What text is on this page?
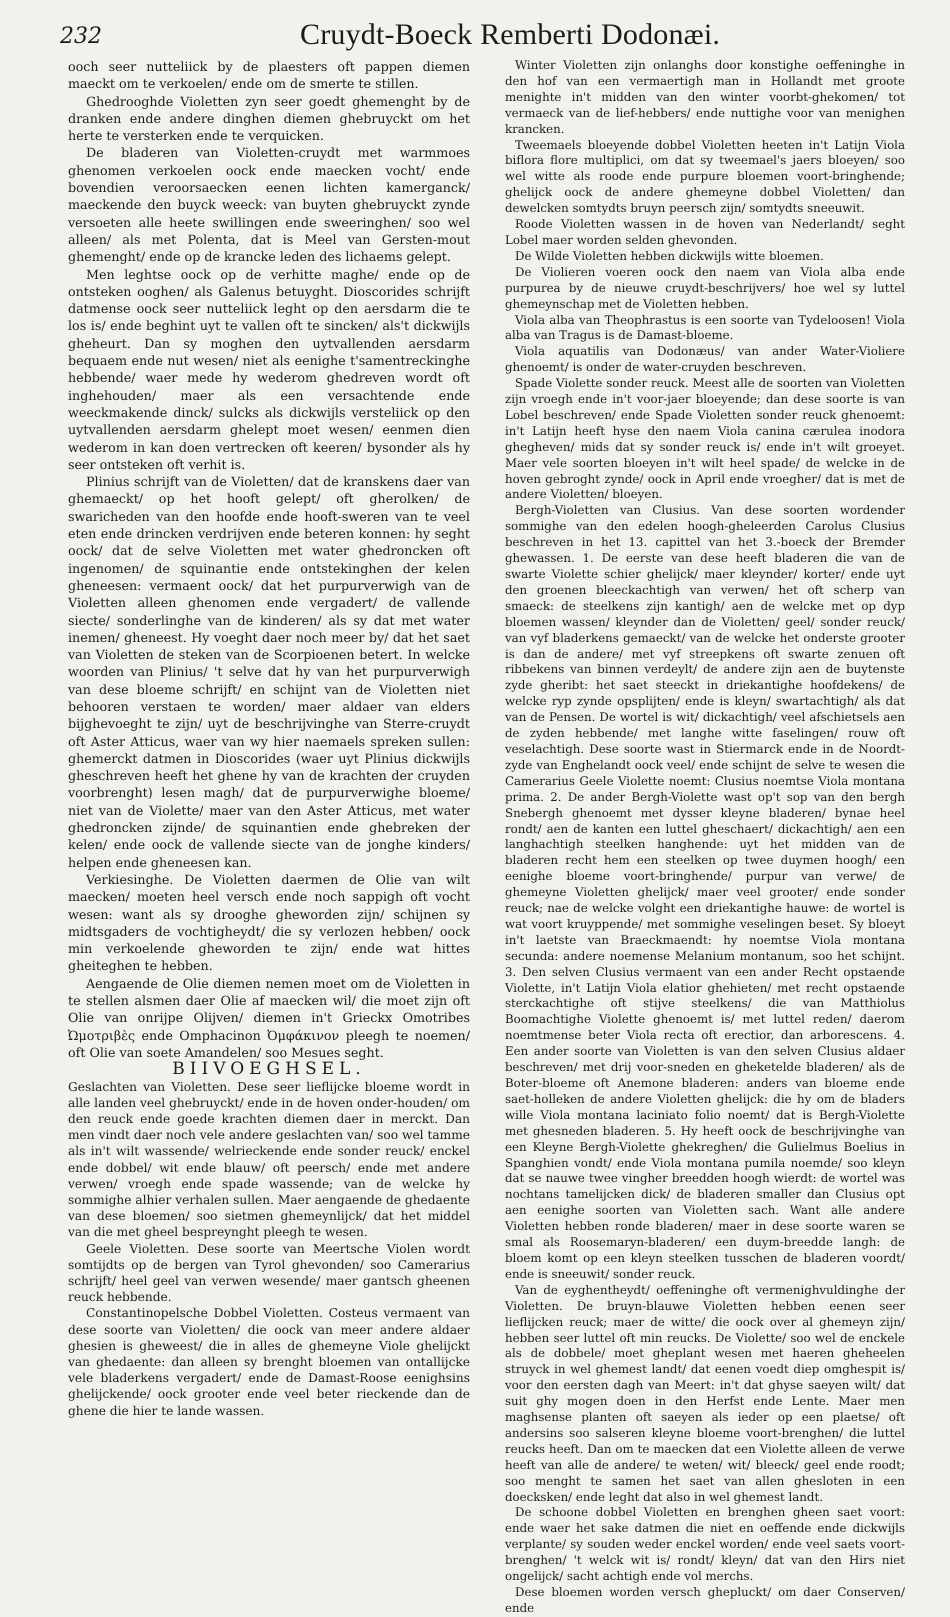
232	Cruydt-Boeck Remberti Dodonæi.

ooch seer nutteliick by de plaesters oft pappen diemen maeckt om te verkoelen/ ende om de smerte te stillen.

Ghedrooghde Violetten zyn seer goedt ghemenght by de dranken ende andere dinghen diemen ghebruyckt om het herte te versterken ende te verquicken.

De bladeren van Violetten-cruydt met warmmoes ghenomen verkoelen oock ende maecken vocht/ ende bovendien veroorsaecken eenen lichten kamerganck/ maeckende den buyck weeck: van buyten ghebruyckt zynde versoeten alle heete swillingen ende sweeringhen/ soo wel alleen/ als met Polenta, dat is Meel van Gersten-mout ghemenght/ ende op de krancke leden des lichaems gelept.

Men leghtse oock op de verhitte maghe/ ende op de ontsteken ooghen/ als Galenus betuyght. Dioscorides schrijft datmense oock seer nutteliick leght op den aersdarm die te los is/ ende beghint uyt te vallen oft te sincken/ als't dickwijls gheheurt. Dan sy moghen den uytvallenden aersdarm bequaem ende nut wesen/ niet als eenighe t'samentreckinghe hebbende/ waer mede hy wederom ghedreven wordt oft inghehouden/ maer als een versachtende ende weeckmakende dinck/ sulcks als dickwijls versteliick op den uytvallenden aersdarm ghelept moet wesen/ eenmen dien wederom in kan doen vertrecken oft keeren/ bysonder als hy seer ontsteken oft verhit is.

Plinius schrijft van de Violetten/ dat de kranskens daer van ghemaeckt/ op het hooft gelept/ oft gherolken/ de swaricheden van den hoofde ende hooft-sweren van te veel eten ende drincken verdrijven ende beteren konnen: hy seght oock/ dat de selve Violetten met water ghedroncken oft ingenomen/ de squinantie ende ontstekinghen der kelen gheneesen: vermaent oock/ dat het purpurverwigh van de Violetten alleen ghenomen ende vergadert/ de vallende siecte/ sonderlinghe van de kinderen/ als sy dat met water inemen/ gheneest. Hy voeght daer noch meer by/ dat het saet van Violetten de steken van de Scorpioenen betert. In welcke woorden van Plinius/ 't selve dat hy van het purpurverwigh van dese bloeme schrijft/ en schijnt van de Violetten niet behooren verstaen te worden/ maer aldaer van elders bijghevoeght te zijn/ uyt de beschrijvinghe van Sterre-cruydt oft Aster Atticus, waer van wy hier naemaels spreken sullen: ghemerckt datmen in Dioscorides (waer uyt Plinius dickwijls gheschreven heeft het ghene hy van de krachten der cruyden voorbrenght) lesen magh/ dat de purpurverwighe bloeme/ niet van de Violette/ maer van den Aster Atticus, met water ghedroncken zijnde/ de squinantien ende ghebreken der kelen/ ende oock de vallende siecte van de jonghe kinders/ helpen ende gheneesen kan.

Verkiesinghe. De Violetten daermen de Olie van wilt maecken/ moeten heel versch ende noch sappigh oft vocht wesen: want als sy drooghe gheworden zijn/ schijnen sy midtsgaders de vochtigheydt/ die sy verlozen hebben/ oock min verkoelende gheworden te zijn/ ende wat hittes gheiteghen te hebben.

Aengaende de Olie diemen nemen moet om de Violetten in te stellen alsmen daer Olie af maecken wil/ die moet zijn oft Olie van onrijpe Olijven/ diemen in't Grieckx Omotribes Ὠμοτριβὲς ende Omphacinon Ὀμφάκινον pleegh te noemen/ oft Olie van soete Amandelen/ soo Mesues seght.

BIIVOEGHSEL.

Geslachten van Violetten. Dese seer lieflijcke bloeme wordt in alle landen veel ghebruyckt/ ende in de hoven onder-houden/ om den reuck ende goede krachten diemen daer in merckt. Dan men vindt daer noch vele andere geslachten van/ soo wel tamme als in't wilt wassende/ welrieckende ende sonder reuck/ enckel ende dobbel/ wit ende blauw/ oft peersch/ ende met andere verwen/ vroegh ende spade wassende; van de welcke hy sommighe alhier verhalen sullen. Maer aengaende de ghedaente van dese bloemen/ soo sietmen ghemeynlijck/ dat het middel van die met gheel bespreynght pleegh te wesen.

Geele Violetten. Dese soorte van Meertsche Violen wordt somtijdts op de bergen van Tyrol ghevonden/ soo Camerarius schrijft/ heel geel van verwen wesende/ maer gantsch gheenen reuck hebbende.

Constantinopelsche Dobbel Violetten. Costeus vermaent van dese soorte van Violetten/ die oock van meer andere aldaer ghesien is gheweest/ die in alles de ghemeyne Viole ghelijckt van ghedaente: dan alleen sy brenght bloemen van ontallijcke vele bladerkens vergadert/ ende de Damast-Roose eenighsins ghelijckende/ oock grooter ende veel beter rieckende dan de ghene die hier te lande wassen.

Winter Violetten zijn onlanghs door konstighe oeffeninghe in den hof van een vermaertigh man in Hollandt met groote menighte in't midden van den winter voorbt-ghekomen/ tot vermaeck van de lief-hebbers/ ende nuttighe voor van menighen krancken.

Tweemaels bloeyende dobbel Violetten heeten in't Latijn Viola biflora flore multiplici, om dat sy tweemael's jaers bloeyen/ soo wel witte als roode ende purpure bloemen voort-bringhende; ghelijck oock de andere ghemeyne dobbel Violetten/ dan dewelcken somtydts bruyn peersch zijn/ somtydts sneeuwit.

Roode Violetten wassen in de hoven van Nederlandt/ seght Lobel maer worden selden ghevonden.

De Wilde Violetten hebben dickwijls witte bloemen.

De Violieren voeren oock den naem van Viola alba ende purpurea by de nieuwe cruydt-beschrijvers/ hoe wel sy luttel ghemeynschap met de Violetten hebben.

Viola alba van Theophrastus is een soorte van Tydeloosen! Viola alba van Tragus is de Damast-bloeme.

Viola aquatilis van Dodonæus/ van ander Water-Violiere ghenoemt/ is onder de water-cruyden beschreven.

Spade Violette sonder reuck. Meest alle de soorten van Violetten zijn vroegh ende in't voor-jaer bloeyende; dan dese soorte is van Lobel beschreven/ ende Spade Violetten sonder reuck ghenoemt: in't Latijn heeft hyse den naem Viola canina cærulea inodora ghegheven/ mids dat sy sonder reuck is/ ende in't wilt groeyet. Maer vele soorten bloeyen in't wilt heel spade/ de welcke in de hoven gebroght zynde/ oock in April ende vroegher/ dat is met de andere Violetten/ bloeyen.

Bergh-Violetten van Clusius. Van dese soorten wordender sommighe van den edelen hoogh-gheleerden Carolus Clusius beschreven in het 13. capittel van het 3.-boeck der Bremder ghewassen. 1. De eerste van dese heeft bladeren die van de swarte Violette schier ghelijck/ maer kleynder/ korter/ ende uyt den groenen bleeckachtigh van verwen/ het oft scherp van smaeck: de steelkens zijn kantigh/ aen de welcke met op dyp bloemen wassen/ kleynder dan de Violetten/ geel/ sonder reuck/ van vyf bladerkens gemaeckt/ van de welcke het onderste grooter is dan de andere/ met vyf streepkens oft swarte zenuen oft ribbekens van binnen verdeylt/ de andere zijn aen de buytenste zyde gheribt: het saet steeckt in driekantighe hoofdekens/ de welcke ryp zynde opsplijten/ ende is kleyn/ swartachtigh/ als dat van de Pensen. De wortel is wit/ dickachtigh/ veel afschietsels aen de zyden hebbende/ met langhe witte faselingen/ rouw oft veselachtigh. Dese soorte wast in Stiermarck ende in de Noordt-zyde van Enghelandt oock veel/ ende schijnt de selve te wesen die Camerarius Geele Violette noemt: Clusius noemtse Viola montana prima. 2. De ander Bergh-Violette wast op't sop van den bergh Snebergh ghenoemt met dysser kleyne bladeren/ bynae heel rondt/ aen de kanten een luttel gheschaert/ dickachtigh/ aen een langhachtigh steelken hanghende: uyt het midden van de bladeren recht hem een steelken op twee duymen hoogh/ een eenighe bloeme voort-bringhende/ purpur van verwe/ de ghemeyne Violetten ghelijck/ maer veel grooter/ ende sonder reuck; nae de welcke volght een driekantighe hauwe: de wortel is wat voort kruyppende/ met sommighe veselingen beset. Sy bloeyt in't laetste van Braeckmaendt: hy noemtse Viola montana secunda: andere noemense Melanium montanum, soo het schijnt. 3. Den selven Clusius vermaent van een ander Recht opstaende Violette, in't Latijn Viola elatior ghehieten/ met recht opstaende sterckachtighe oft stijve steelkens/ die van Matthiolus Boomachtighe Violette ghenoemt is/ met luttel reden/ daerom noemtmense beter Viola recta oft erectior, dan arborescens. 4. Een ander soorte van Violetten is van den selven Clusius aldaer beschreven/ met drij voor-sneden en gheketelde bladeren/ als de Boter-bloeme oft Anemone bladeren: anders van bloeme ende saet-holleken de andere Violetten ghelijck: die hy om de bladers wille Viola montana laciniato folio noemt/ dat is Bergh-Violette met ghesneden bladeren. 5. Hy heeft oock de beschrijvinghe van een Kleyne Bergh-Violette ghekreghen/ die Gulielmus Boelius in Spanghien vondt/ ende Viola montana pumila noemde/ soo kleyn dat se nauwe twee vingher breedden hoogh wierdt: de wortel was nochtans tamelijcken dick/ de bladeren smaller dan Clusius opt aen eenighe soorten van Violetten sach. Want alle andere Violetten hebben ronde bladeren/ maer in dese soorte waren se smal als Roosemaryn-bladeren/ een duym-breedde langh: de bloem komt op een kleyn steelken tusschen de bladeren voordt/ ende is sneeuwit/ sonder reuck.

Van de eyghentheydt/ oeffeninghe oft vermenighvuldinghe der Violetten. De bruyn-blauwe Violetten hebben eenen seer lieflijcken reuck; maer de witte/ die oock over al ghemeyn zijn/ hebben seer luttel oft min reucks. De Violette/ soo wel de enckele als de dobbele/ moet gheplant wesen met haeren gheheelen struyck in wel ghemest landt/ dat eenen voedt diep omghespit is/ voor den eersten dagh van Meert: in't dat ghyse saeyen wilt/ dat suit ghy mogen doen in den Herfst ende Lente. Maer men maghsense planten oft saeyen als ieder op een plaetse/ oft andersins soo salseren kleyne bloeme voort-brenghen/ die luttel reucks heeft. Dan om te maecken dat een Violette alleen de verwe heeft van alle de andere/ te weten/ wit/ bleeck/ geel ende roodt; soo menght te samen het saet van allen ghesloten in een doecksken/ ende leght dat also in wel ghemest landt.

De schoone dobbel Violetten en brenghen gheen saet voort: ende waer het sake datmen die niet en oeffende ende dickwijls verplante/ sy souden weder enckel worden/ ende veel saets voort-brenghen/ 't welck wit is/ rondt/ kleyn/ dat van den Hirs niet ongelijck/ sacht achtigh ende vol merchs.

Dese bloemen worden versch ghepluckt/ om daer Conserven/ ende
